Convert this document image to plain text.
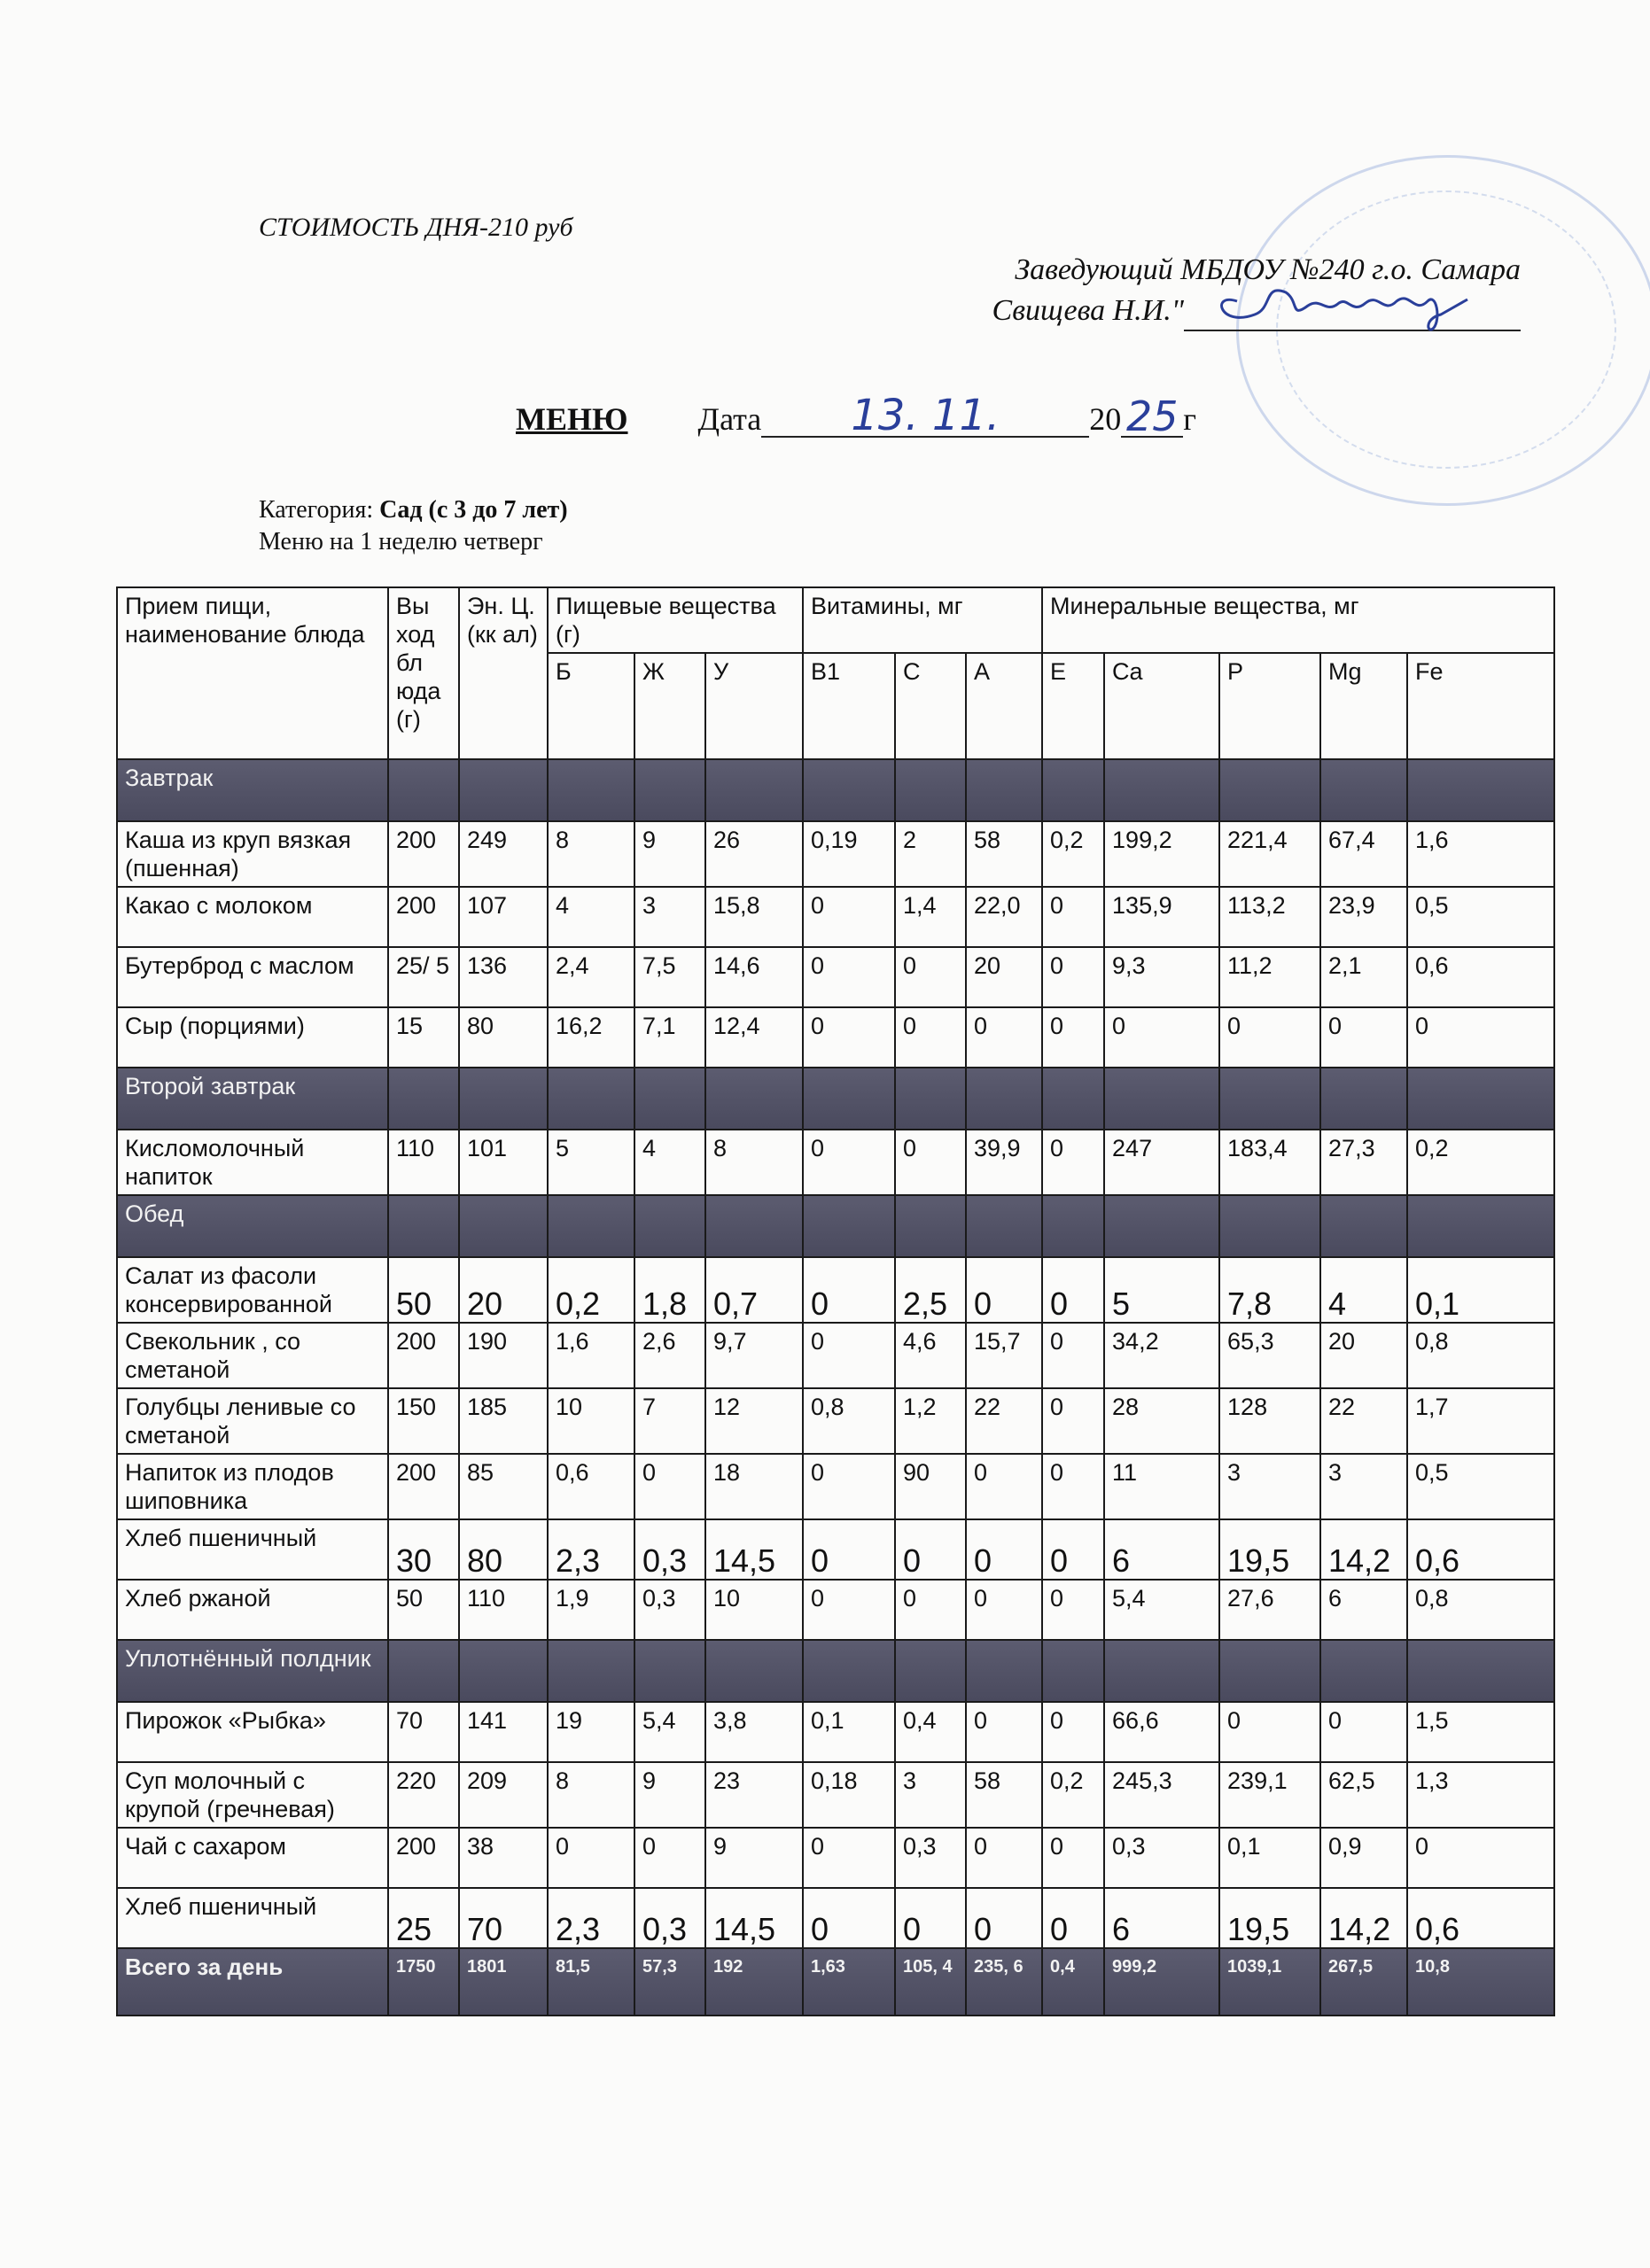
СТОИМОСТЬ ДНЯ-210 руб
Заведующий МБДОУ №240 г.о. Самара
Свищева Н.И."
МЕНЮ Дата 13. 11.	20 25 г
Категория: Сад (с 3 до 7 лет)
Меню на 1 неделю четверг
Прием пищи, наименование блюда	Вы ход бл юда (г)	Эн. Ц.(кк ал)	Пищевые вещества (г)			Витамины, мг			Минеральные вещества, мг				
			Б	Ж	У	B1	C	A	E	Ca	P	Mg	Fe
Завтрак													
Каша из круп вязкая (пшенная)	200	249	8	9	26	0,19	2	58	0,2	199,2	221,4	67,4	1,6
Какао с молоком	200	107	4	3	15,8	0	1,4	22,0	0	135,9	113,2	23,9	0,5
Бутерброд с маслом	25/ 5	136	2,4	7,5	14,6	0	0	20	0	9,3	11,2	2,1	0,6
Сыр (порциями)	15	80	16,2	7,1	12,4	0	0	0	0	0	0	0	0
Второй завтрак													
Кисломолочный напиток	110	101	5	4	8	0	0	39,9	0	247	183,4	27,3	0,2
Обед													
Салат из фасоли консервированной	50	20	0,2	1,8	0,7	0	2,5	0	0	5	7,8	4	0,1
Свекольник , со сметаной	200	190	1,6	2,6	9,7	0	4,6	15,7	0	34,2	65,3	20	0,8
Голубцы ленивые со сметаной	150	185	10	7	12	0,8	1,2	22	0	28	128	22	1,7
Напиток из плодов шиповника	200	85	0,6	0	18	0	90	0	0	11	3	3	0,5
Хлеб пшеничный	30	80	2,3	0,3	14,5	0	0	0	0	6	19,5	14,2	0,6
Хлеб ржаной	50	110	1,9	0,3	10	0	0	0	0	5,4	27,6	6	0,8
Уплотнённый полдник													
Пирожок «Рыбка»	70	141	19	5,4	3,8	0,1	0,4	0	0	66,6	0	0	1,5
Суп молочный с крупой (гречневая)	220	209	8	9	23	0,18	3	58	0,2	245,3	239,1	62,5	1,3
Чай с сахаром	200	38	0	0	9	0	0,3	0	0	0,3	0,1	0,9	0
Хлеб пшеничный	25	70	2,3	0,3	14,5	0	0	0	0	6	19,5	14,2	0,6
Всего за день	1750	1801	81,5	57,3	192	1,63	105, 4	235, 6	0,4	999,2	1039,1	267,5	10,8
